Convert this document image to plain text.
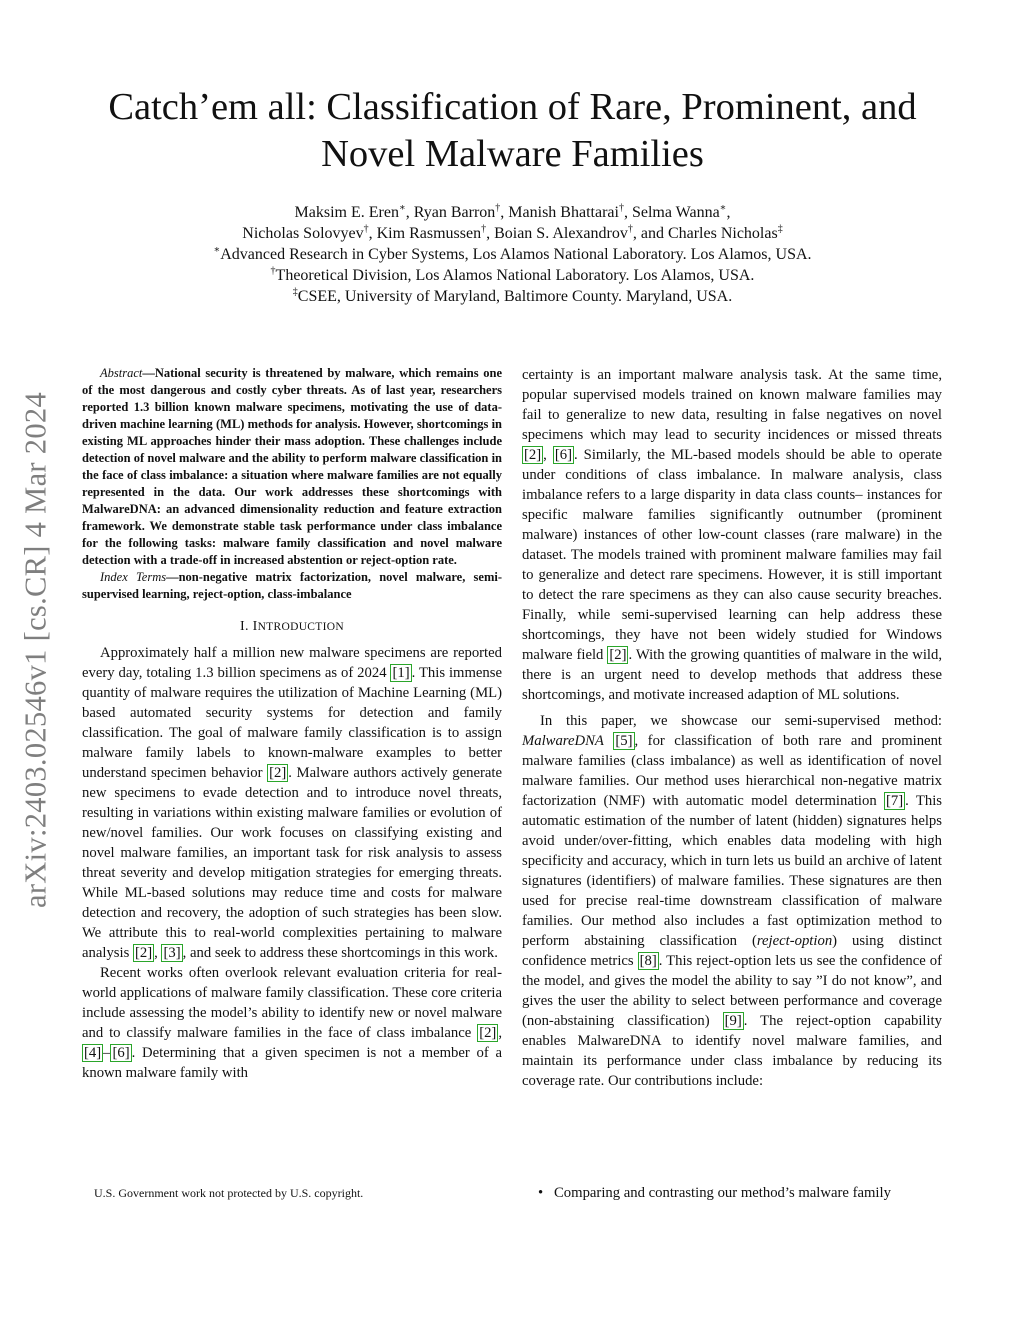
arXiv:2403.02546v1 [cs.CR] 4 Mar 2024
Catch’em all: Classification of Rare, Prominent, and
Novel Malware Families
Maksim E. Eren∗, Ryan Barron†, Manish Bhattarai†, Selma Wanna∗,
Nicholas Solovyev†, Kim Rasmussen†, Boian S. Alexandrov†, and Charles Nicholas‡
∗Advanced Research in Cyber Systems, Los Alamos National Laboratory. Los Alamos, USA.
†Theoretical Division, Los Alamos National Laboratory. Los Alamos, USA.
‡CSEE, University of Maryland, Baltimore County. Maryland, USA.

Abstract—National security is threatened by malware, which remains one of the most dangerous and costly cyber threats. As of last year, researchers reported 1.3 billion known malware specimens, motivating the use of data-driven machine learning (ML) methods for analysis. However, shortcomings in existing ML approaches hinder their mass adoption. These challenges include detection of novel malware and the ability to perform malware classification in the face of class imbalance: a situation where malware families are not equally represented in the data. Our work addresses these shortcomings with MalwareDNA: an advanced dimensionality reduction and feature extraction framework. We demonstrate stable task performance under class imbalance for the following tasks: malware family classification and novel malware detection with a trade-off in increased abstention or reject-option rate.

Index Terms—non-negative matrix factorization, novel malware, semi-supervised learning, reject-option, class-imbalance

I. INTRODUCTION

Approximately half a million new malware specimens are reported every day, totaling 1.3 billion specimens as of 2024 [1] . This immense quantity of malware requires the utilization of Machine Learning (ML) based automated security systems for detection and family classification. The goal of malware family classification is to assign malware family labels to known-malware examples to better understand specimen behavior [2] . Malware authors actively generate new specimens to evade detection and to introduce novel threats, resulting in variations within existing malware families or evolution of new/novel families. Our work focuses on classifying existing and novel malware families, an important task for risk analysis to assess threat severity and develop mitigation strategies for emerging threats. While ML-based solutions may reduce time and costs for malware detection and recovery, the adoption of such strategies has been slow. We attribute this to real-world complexities pertaining to malware analysis [2] , [3] , and seek to address these shortcomings in this work.

Recent works often overlook relevant evaluation criteria for real-world applications of malware family classification. These core criteria include assessing the model’s ability to identify new or novel malware and to classify malware families in the face of class imbalance [2] , [4] – [6] . Determining that a given specimen is not a member of a known malware family with

certainty is an important malware analysis task. At the same time, popular supervised models trained on known malware families may fail to generalize to new data, resulting in false negatives on novel specimens which may lead to security incidences or missed threats [2] , [6] . Similarly, the ML-based models should be able to operate under conditions of class imbalance. In malware analysis, class imbalance refers to a large disparity in data class counts– instances for specific malware families significantly outnumber (prominent malware) instances of other low-count classes (rare malware) in the dataset. The models trained with prominent malware families may fail to generalize and detect rare specimens. However, it is still important to detect the rare specimens as they can also cause security breaches. Finally, while semi-supervised learning can help address these shortcomings, they have not been widely studied for Windows malware field [2] . With the growing quantities of malware in the wild, there is an urgent need to develop methods that address these shortcomings, and motivate increased adaption of ML solutions.

In this paper, we showcase our semi-supervised method: MalwareDNA [5] , for classification of both rare and prominent malware families (class imbalance) as well as identification of novel malware families. Our method uses hierarchical non-negative matrix factorization (NMF) with automatic model determination [7] . This automatic estimation of the number of latent (hidden) signatures helps avoid under/over-fitting, which enables data modeling with high specificity and accuracy, which in turn lets us build an archive of latent signatures (identifiers) of malware families. These signatures are then used for precise real-time downstream classification of malware families. Our method also includes a fast optimization method to perform abstaining classification (reject-option) using distinct confidence metrics [8] . This reject-option lets us see the confidence of the model, and gives the model the ability to say ”I do not know”, and gives the user the ability to select between performance and coverage (non-abstaining classification) [9] . The reject-option capability enables MalwareDNA to identify novel malware families, and maintain its performance under class imbalance by reducing its coverage rate. Our contributions include:

U.S. Government work not protected by U.S. copyright.	• Comparing and contrasting our method’s malware family
